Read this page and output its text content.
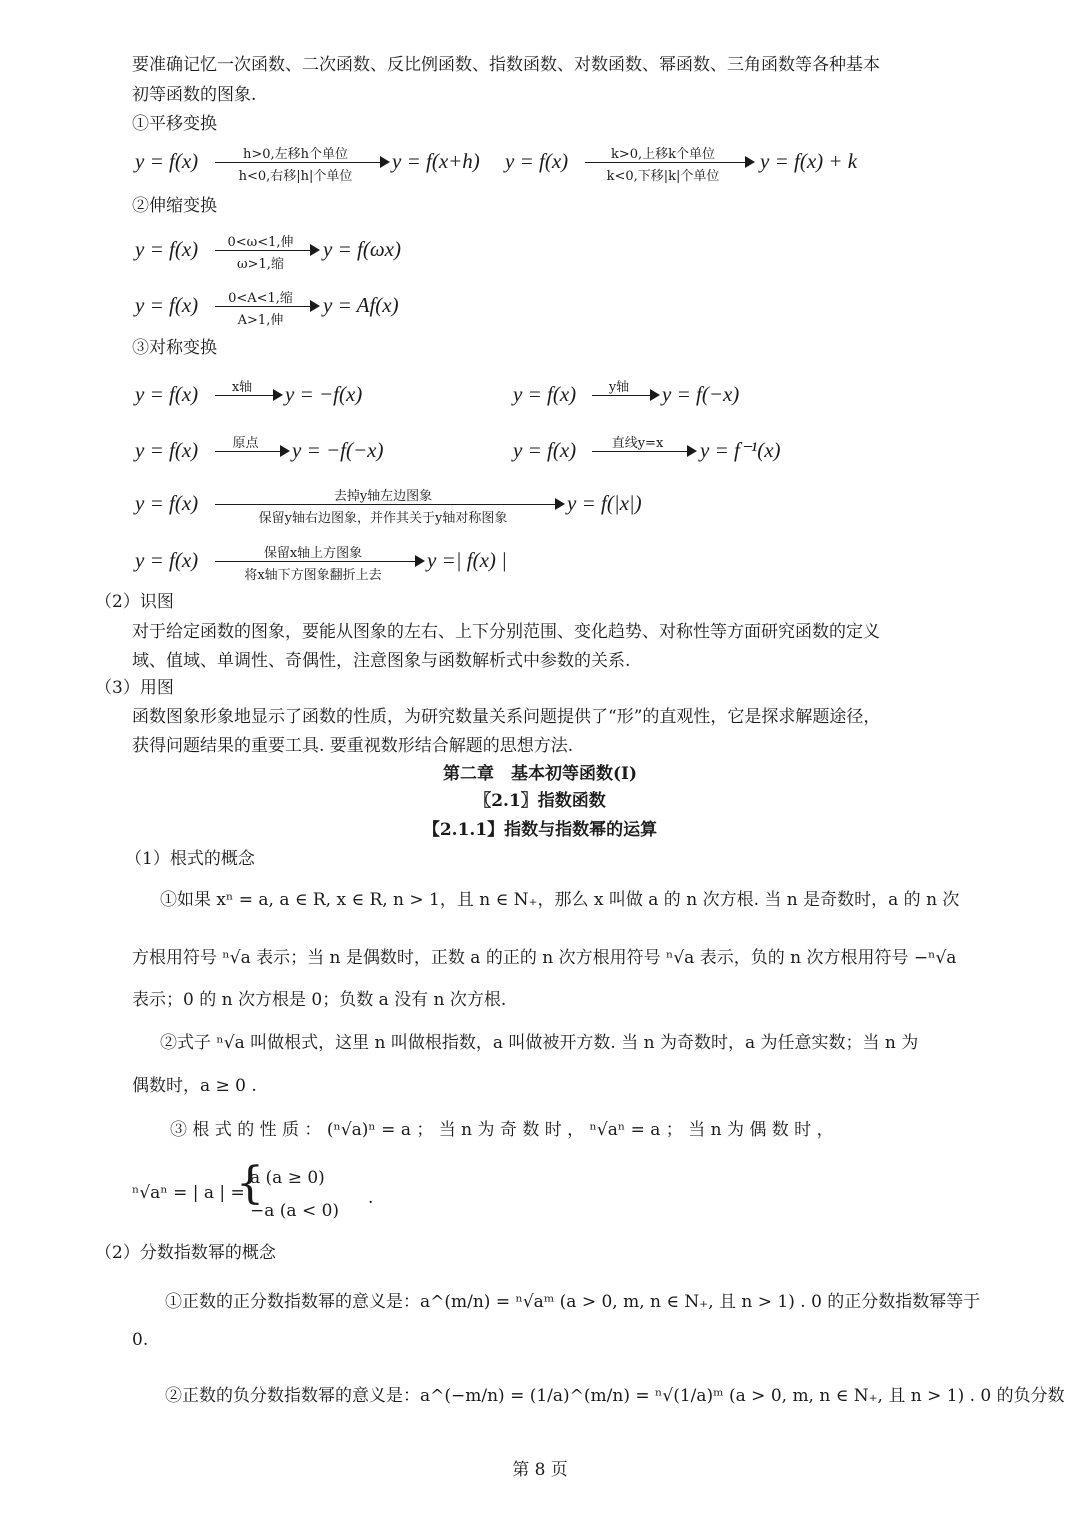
要准确记忆一次函数、二次函数、反比例函数、指数函数、对数函数、幂函数、三角函数等各种基本
初等函数的图象.
①平移变换
y = f(x)	h>0,左移h个单位
h<0,右移|h|个单位
y = f(x+h) y = f(x)	k>0,上移k个单位
k<0,下移|k|个单位
y = f(x) + k
②伸缩变换
y = f(x)	0<ω<1,伸
ω>1,缩
y = f(ωx)
y = f(x)	0<A<1,缩
A>1,伸
y = Af(x)
③对称变换
y = f(x)	x轴	y = −f(x)	y = f(x)	y轴	y = f(−x)
y = f(x)	原点	y = −f(−x)	y = f(x)	直线y=x	y = f⁻¹(x)
y = f(x)	去掉y轴左边图象
保留y轴右边图象，并作其关于y轴对称图象
y = f(|x|)
y = f(x)	保留x轴上方图象
将x轴下方图象翻折上去
y =| f(x) |
（2）识图
对于给定函数的图象，要能从图象的左右、上下分别范围、变化趋势、对称性等方面研究函数的定义
域、值域、单调性、奇偶性，注意图象与函数解析式中参数的关系.
（3）用图
函数图象形象地显示了函数的性质，为研究数量关系问题提供了“形”的直观性，它是探求解题途径，
获得问题结果的重要工具. 要重视数形结合解题的思想方法.
第二章　基本初等函数(Ⅰ)
〖2.1〗指数函数
【2.1.1】指数与指数幂的运算
（1）根式的概念
①如果 xⁿ = a, a ∈ R, x ∈ R, n > 1，且 n ∈ N₊，那么 x 叫做 a 的 n 次方根. 当 n 是奇数时，a 的 n 次
方根用符号 ⁿ√a 表示；当 n 是偶数时，正数 a 的正的 n 次方根用符号 ⁿ√a 表示，负的 n 次方根用符号 −ⁿ√a
表示；0 的 n 次方根是 0；负数 a 没有 n 次方根.
②式子 ⁿ√a 叫做根式，这里 n 叫做根指数，a 叫做被开方数. 当 n 为奇数时，a 为任意实数；当 n 为
偶数时，a ≥ 0 .
③ 根 式 的 性 质 ： (ⁿ√a)ⁿ = a ； 当 n 为 奇 数 时 ， ⁿ√aⁿ = a ； 当 n 为 偶 数 时 ，
ⁿ√aⁿ = | a | =
{
a (a ≥ 0)
−a (a < 0)
.
（2）分数指数幂的概念
①正数的正分数指数幂的意义是：a^(m/n) = ⁿ√aᵐ (a > 0, m, n ∈ N₊, 且 n > 1) . 0 的正分数指数幂等于
0.
②正数的负分数指数幂的意义是：a^(−m/n) = (1/a)^(m/n) = ⁿ√(1/a)ᵐ (a > 0, m, n ∈ N₊, 且 n > 1) . 0 的负分数
第 8 页
